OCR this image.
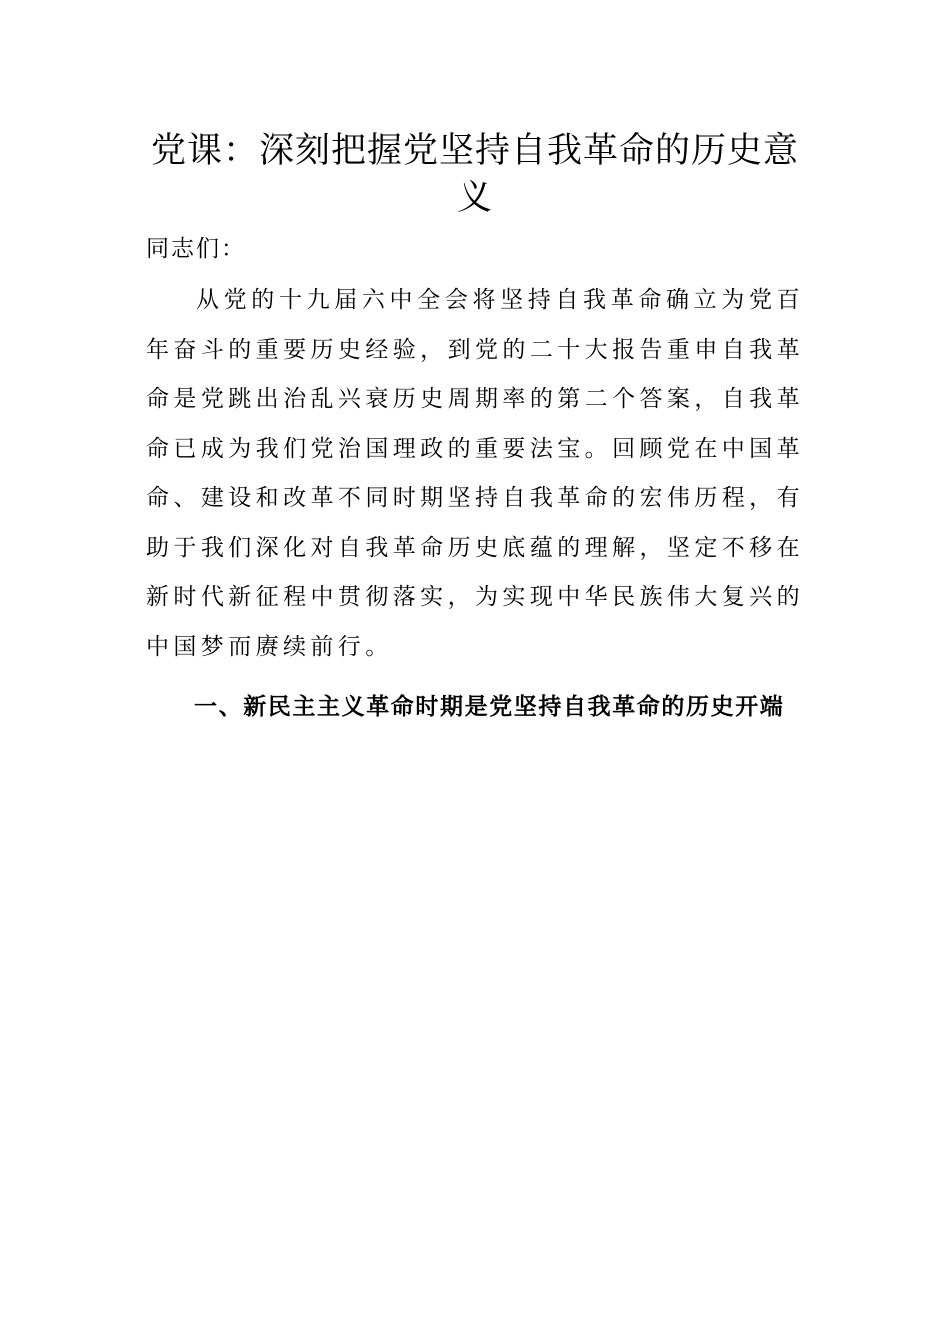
党课：深刻把握党坚持自我革命的历史意义

同志们：

从党的十九届六中全会将坚持自我革命确立为党百年奋斗的重要历史经验，到党的二十大报告重申自我革命是党跳出治乱兴衰历史周期率的第二个答案，自我革命已成为我们党治国理政的重要法宝。回顾党在中国革命、建设和改革不同时期坚持自我革命的宏伟历程，有助于我们深化对自我革命历史底蕴的理解，坚定不移在新时代新征程中贯彻落实，为实现中华民族伟大复兴的中国梦而赓续前行。

一、新民主主义革命时期是党坚持自我革命的历史开端
